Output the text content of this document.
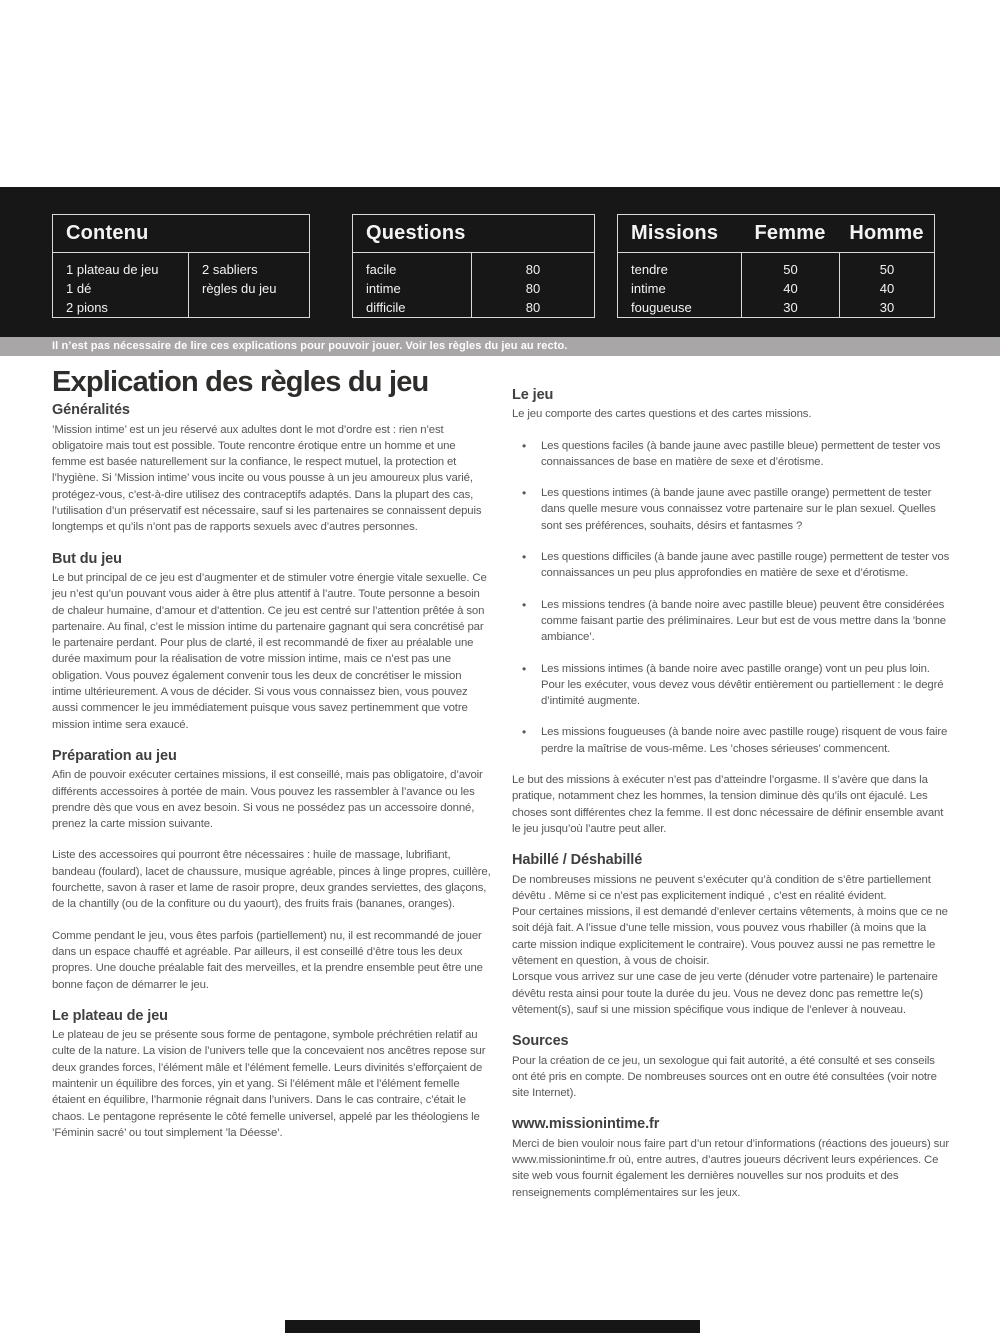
Contenu
1 plateau de jeu
1 dé
2 pions
2 sabliers
règles du jeu
Questions
facile
intime
difficile
80
80
80
Missions	Femme	Homme
tendre
intime
fougueuse
50
40
30
50
40
30
Il n’est pas nécessaire de lire ces explications pour pouvoir jouer. Voir les règles du jeu au recto.
Explication des règles du jeu
Généralités

’Mission intime’ est un jeu réservé aux adultes dont le mot d’ordre est : rien n’est obligatoire mais tout est possible. Toute rencontre érotique entre un homme et une femme est basée naturellement sur la confiance, le respect mutuel, la protection et l’hygiène. Si ’Mission intime’ vous incite ou vous pousse à un jeu amoureux plus varié, protégez-vous, c’est-à-dire utilisez des contraceptifs adaptés. Dans la plupart des cas, l’utilisation d’un préservatif est nécessaire, sauf si les partenaires se connaissent depuis longtemps et qu’ils n’ont pas de rapports sexuels avec d’autres personnes.

But du jeu

Le but principal de ce jeu est d’augmenter et de stimuler votre énergie vitale sexuelle. Ce jeu n’est qu’un pouvant vous aider à être plus attentif à l’autre. Toute personne a besoin de chaleur humaine, d’amour et d’attention. Ce jeu est centré sur l’attention prêtée à son partenaire. Au final, c’est le mission intime du partenaire gagnant qui sera concrétisé par le partenaire perdant. Pour plus de clarté, il est recommandé de fixer au préalable une durée maximum pour la réalisation de votre mission intime, mais ce n’est pas une obligation. Vous pouvez également convenir tous les deux de concrétiser le mission intime ultérieurement. A vous de décider. Si vous vous connaissez bien, vous pouvez aussi commencer le jeu immédiatement puisque vous savez pertinemment que votre mission intime sera exaucé.

Préparation au jeu

Afin de pouvoir exécuter certaines missions, il est conseillé, mais pas obligatoire, d’avoir différents accessoires à portée de main. Vous pouvez les rassembler à l’avance ou les prendre dès que vous en avez besoin. Si vous ne possédez pas un accessoire donné, prenez la carte mission suivante.

Liste des accessoires qui pourront être nécessaires : huile de massage, lubrifiant, bandeau (foulard), lacet de chaussure, musique agréable, pinces à linge propres, cuillère, fourchette, savon à raser et lame de rasoir propre, deux grandes serviettes, des glaçons, de la chantilly (ou de la confiture ou du yaourt), des fruits frais (bananes, oranges).

Comme pendant le jeu, vous êtes parfois (partiellement) nu, il est recommandé de jouer dans un espace chauffé et agréable. Par ailleurs, il est conseillé d’être tous les deux propres. Une douche préalable fait des merveilles, et la prendre ensemble peut être une bonne façon de démarrer le jeu.

Le plateau de jeu

Le plateau de jeu se présente sous forme de pentagone, symbole préchrétien relatif au culte de la nature. La vision de l’univers telle que la concevaient nos ancêtres repose sur deux grandes forces, l’élément mâle et l’élément femelle. Leurs divinités s’efforçaient de maintenir un équilibre des forces, yin et yang. Si l’élément mâle et l’élément femelle étaient en équilibre, l’harmonie régnait dans l’univers. Dans le cas contraire, c’était le chaos. Le pentagone représente le côté femelle universel, appelé par les théologiens le ’Féminin sacré’ ou tout simplement ’la Déesse’.

Le jeu

Le jeu comporte des cartes questions et des cartes missions.

• Les questions faciles (à bande jaune avec pastille bleue) permettent de tester vos connaissances de base en matière de sexe et d’érotisme.
• Les questions intimes (à bande jaune avec pastille orange) permettent de tester dans quelle mesure vous connaissez votre partenaire sur le plan sexuel. Quelles sont ses préférences, souhaits, désirs et fantasmes ?
• Les questions difficiles (à bande jaune avec pastille rouge) permettent de tester vos connaissances un peu plus approfondies en matière de sexe et d’érotisme.
• Les missions tendres (à bande noire avec pastille bleue) peuvent être considérées comme faisant partie des préliminaires. Leur but est de vous mettre dans la ’bonne ambiance’.
• Les missions intimes (à bande noire avec pastille orange) vont un peu plus loin. Pour les exécuter, vous devez vous dévêtir entièrement ou partiellement : le degré d’intimité augmente.
• Les missions fougueuses (à bande noire avec pastille rouge) risquent de vous faire perdre la maîtrise de vous-même. Les ’choses sérieuses’ commencent.

Le but des missions à exécuter n’est pas d’atteindre l’orgasme. Il s’avère que dans la pratique, notamment chez les hommes, la tension diminue dès qu’ils ont éjaculé. Les choses sont différentes chez la femme. Il est donc nécessaire de définir ensemble avant le jeu jusqu’où l’autre peut aller.

Habillé / Déshabillé

De nombreuses missions ne peuvent s’exécuter qu’à condition de s’être partiellement dévêtu . Même si ce n’est pas explicitement indiqué , c’est en réalité évident.

Pour certaines missions, il est demandé d’enlever certains vêtements, à moins que ce ne soit déjà fait. A l’issue d’une telle mission, vous pouvez vous rhabiller (à moins que la carte mission indique explicitement le contraire). Vous pouvez aussi ne pas remettre le vêtement en question, à vous de choisir.

Lorsque vous arrivez sur une case de jeu verte (dénuder votre partenaire) le partenaire dévêtu resta ainsi pour toute la durée du jeu. Vous ne devez donc pas remettre le(s) vêtement(s), sauf si une mission spécifique vous indique de l’enlever à nouveau.

Sources

Pour la création de ce jeu, un sexologue qui fait autorité, a été consulté et ses conseils ont été pris en compte. De nombreuses sources ont en outre été consultées (voir notre site Internet).

www.missionintime.fr

Merci de bien vouloir nous faire part d’un retour d’informations (réactions des joueurs) sur www.missionintime.fr où, entre autres, d’autres joueurs décrivent leurs expériences. Ce site web vous fournit également les dernières nouvelles sur nos produits et des renseignements complémentaires sur les jeux.
